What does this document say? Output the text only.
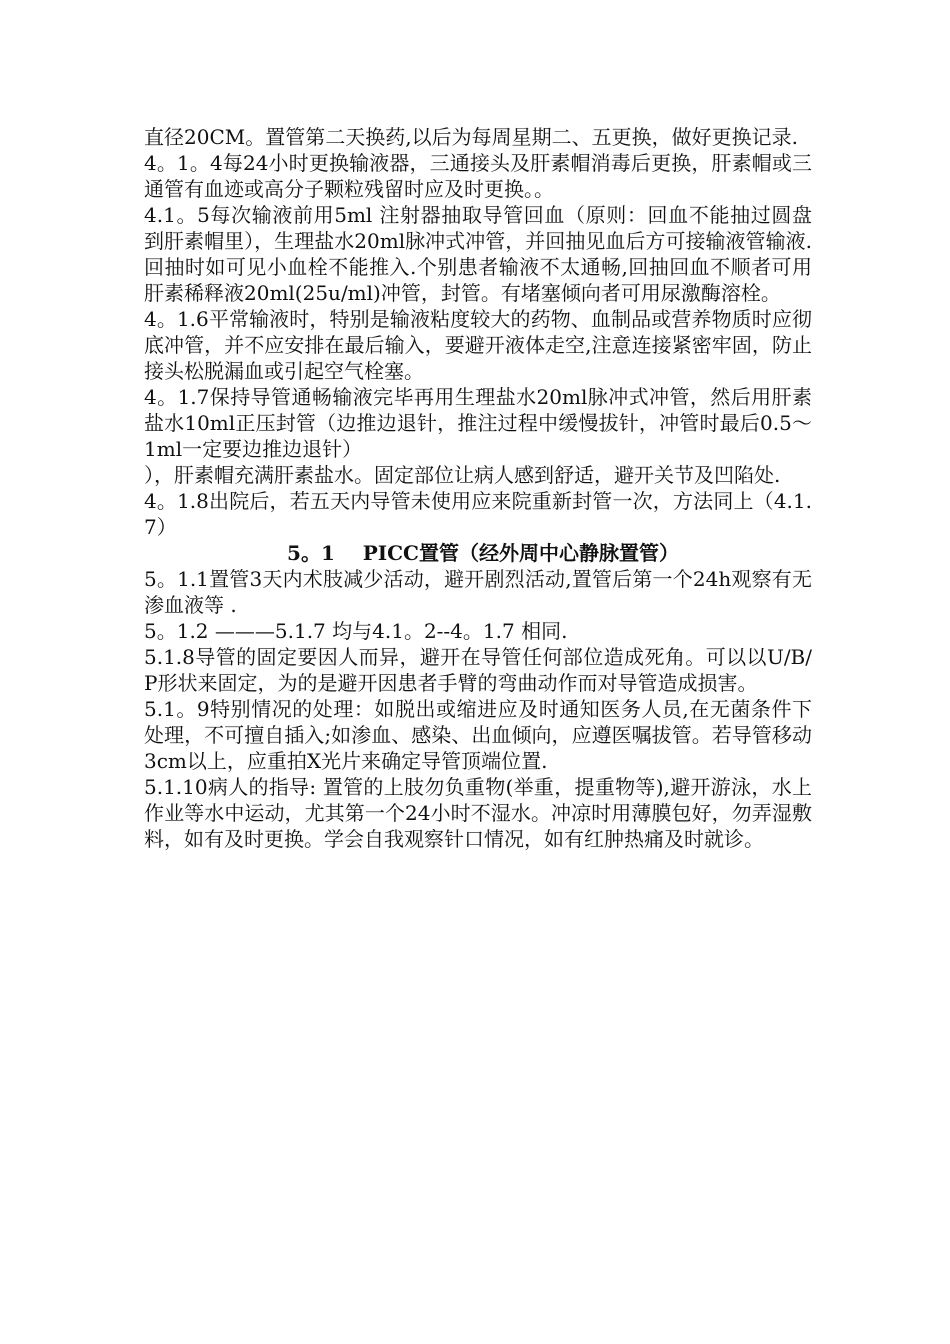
直径20CM。置管第二天换药,以后为每周星期二、五更换，做好更换记录.

4。1。4每24小时更换输液器，三通接头及肝素帽消毒后更换，肝素帽或三通管有血迹或高分子颗粒残留时应及时更换。。

4.1。5每次输液前用5ml 注射器抽取导管回血（原则：回血不能抽过圆盘到肝素帽里），生理盐水20ml脉冲式冲管，并回抽见血后方可接输液管输液.回抽时如可见小血栓不能推入.个别患者输液不太通畅,回抽回血不顺者可用肝素稀释液20ml(25u/ml)冲管，封管。有堵塞倾向者可用尿激酶溶栓。

4。1.6平常输液时，特别是输液粘度较大的药物、血制品或营养物质时应彻底冲管，并不应安排在最后输入，要避开液体走空,注意连接紧密牢固，防止接头松脱漏血或引起空气栓塞。

4。1.7保持导管通畅输液完毕再用生理盐水20ml脉冲式冲管，然后用肝素盐水10ml正压封管（边推边退针，推注过程中缓慢拔针，冲管时最后0.5～1ml一定要边推边退针）

），肝素帽充满肝素盐水。固定部位让病人感到舒适，避开关节及凹陷处.

4。1.8出院后，若五天内导管未使用应来院重新封管一次，方法同上（4.1.7）

5。1    PICC置管（经外周中心静脉置管）

5。1.1置管3天内术肢减少活动，避开剧烈活动,置管后第一个24h观察有无渗血液等 .

5。1.2 ———5.1.7 均与4.1。2--4。1.7 相同.

5.1.8导管的固定要因人而异，避开在导管任何部位造成死角。可以以U/B/P形状来固定，为的是避开因患者手臂的弯曲动作而对导管造成损害。

5.1。9特别情况的处理：如脱出或缩进应及时通知医务人员,在无菌条件下处理，不可擅自插入;如渗血、感染、出血倾向，应遵医嘱拔管。若导管移动3cm以上，应重拍X光片来确定导管顶端位置.

5.1.10病人的指导: 置管的上肢勿负重物(举重，提重物等),避开游泳，水上作业等水中运动，尤其第一个24小时不湿水。冲凉时用薄膜包好，勿弄湿敷料，如有及时更换。学会自我观察针口情况，如有红肿热痛及时就诊。
